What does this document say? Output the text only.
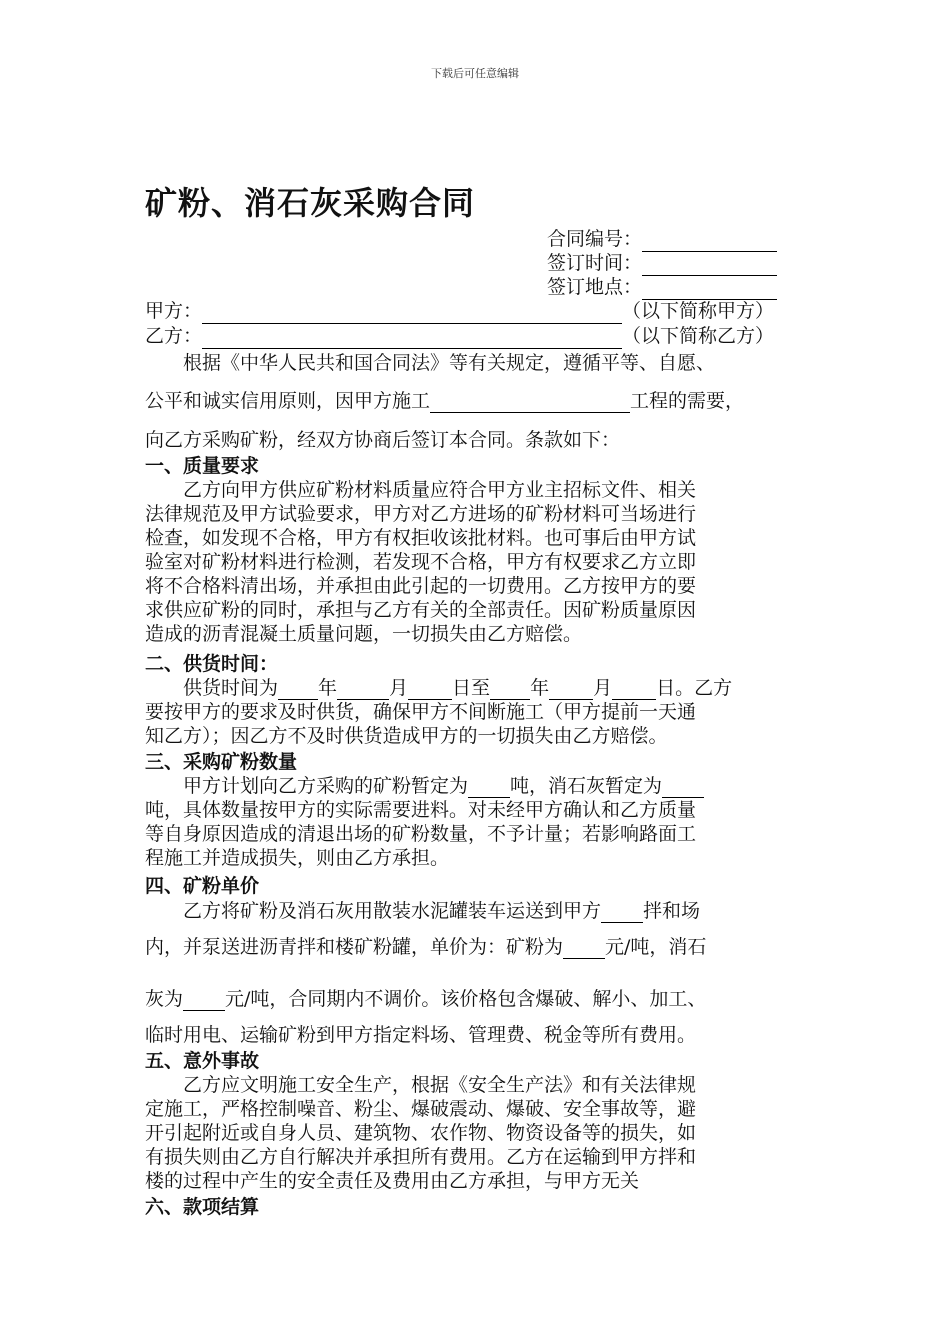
下载后可任意编辑
矿粉、消石灰采购合同
合同编号：
签订时间：
签订地点：
甲方：	（以下简称甲方）
乙方：	（以下简称乙方）
　　根据《中华人民共和国合同法》等有关规定，遵循平等、自愿、
公平和诚实信用原则，因甲方施工	工程的需要，
向乙方采购矿粉，经双方协商后签订本合同。条款如下：
一、质量要求
　　乙方向甲方供应矿粉材料质量应符合甲方业主招标文件、相关
法律规范及甲方试验要求，甲方对乙方进场的矿粉材料可当场进行
检查，如发现不合格，甲方有权拒收该批材料。也可事后由甲方试
验室对矿粉材料进行检测，若发现不合格，甲方有权要求乙方立即
将不合格料清出场，并承担由此引起的一切费用。乙方按甲方的要
求供应矿粉的同时，承担与乙方有关的全部责任。因矿粉质量原因
造成的沥青混凝土质量问题，一切损失由乙方赔偿。
二、供货时间：
　　供货时间为 年	月 日至 年 月 日。乙方
要按甲方的要求及时供货，确保甲方不间断施工（甲方提前一天通
知乙方）；因乙方不及时供货造成甲方的一切损失由乙方赔偿。
三、采购矿粉数量
　　甲方计划向乙方采购的矿粉暂定为 吨，消石灰暂定为
吨，具体数量按甲方的实际需要进料。对未经甲方确认和乙方质量
等自身原因造成的清退出场的矿粉数量，不予计量；若影响路面工
程施工并造成损失，则由乙方承担。
四、矿粉单价
　　乙方将矿粉及消石灰用散装水泥罐装车运送到甲方 拌和场
内，并泵送进沥青拌和楼矿粉罐，单价为：矿粉为 元/吨，消石
灰为 元/吨，合同期内不调价。该价格包含爆破、解小、加工、
临时用电、运输矿粉到甲方指定料场、管理费、税金等所有费用。
五、意外事故
　　乙方应文明施工安全生产，根据《安全生产法》和有关法律规
定施工，严格控制噪音、粉尘、爆破震动、爆破、安全事故等，避
开引起附近或自身人员、建筑物、农作物、物资设备等的损失，如
有损失则由乙方自行解决并承担所有费用。乙方在运输到甲方拌和
楼的过程中产生的安全责任及费用由乙方承担，与甲方无关
六、款项结算
